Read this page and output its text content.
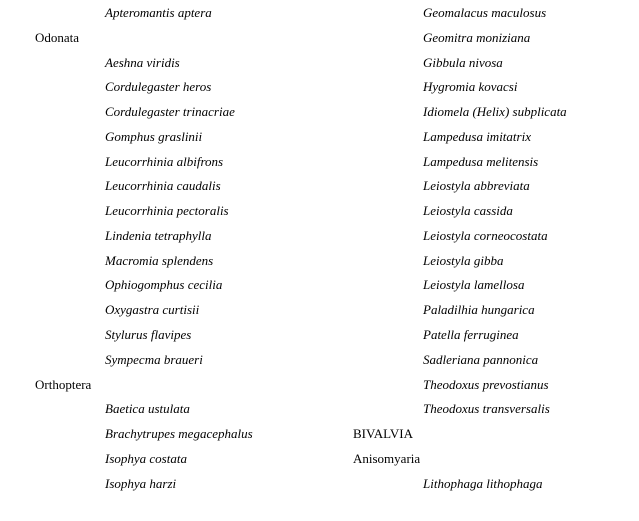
Apteromantis aptera
Odonata
Aeshna viridis
Cordulegaster heros
Cordulegaster trinacriae
Gomphus graslinii
Leucorrhinia albifrons
Leucorrhinia caudalis
Leucorrhinia pectoralis
Lindenia tetraphylla
Macromia splendens
Ophiogomphus cecilia
Oxygastra curtisii
Stylurus flavipes
Sympecma braueri
Orthoptera
Baetica ustulata
Brachytrupes megacephalus
Isophya costata
Isophya harzi
Geomalacus maculosus
Geomitra moniziana
Gibbula nivosa
Hygromia kovacsi
Idiomela (Helix) subplicata
Lampedusa imitatrix
Lampedusa melitensis
Leiostyla abbreviata
Leiostyla cassida
Leiostyla corneocostata
Leiostyla gibba
Leiostyla lamellosa
Paladilhia hungarica
Patella ferruginea
Sadleriana pannonica
Theodoxus prevostianus
Theodoxus transversalis
BIVALVIA
Anisomyaria
Lithophaga lithophaga
